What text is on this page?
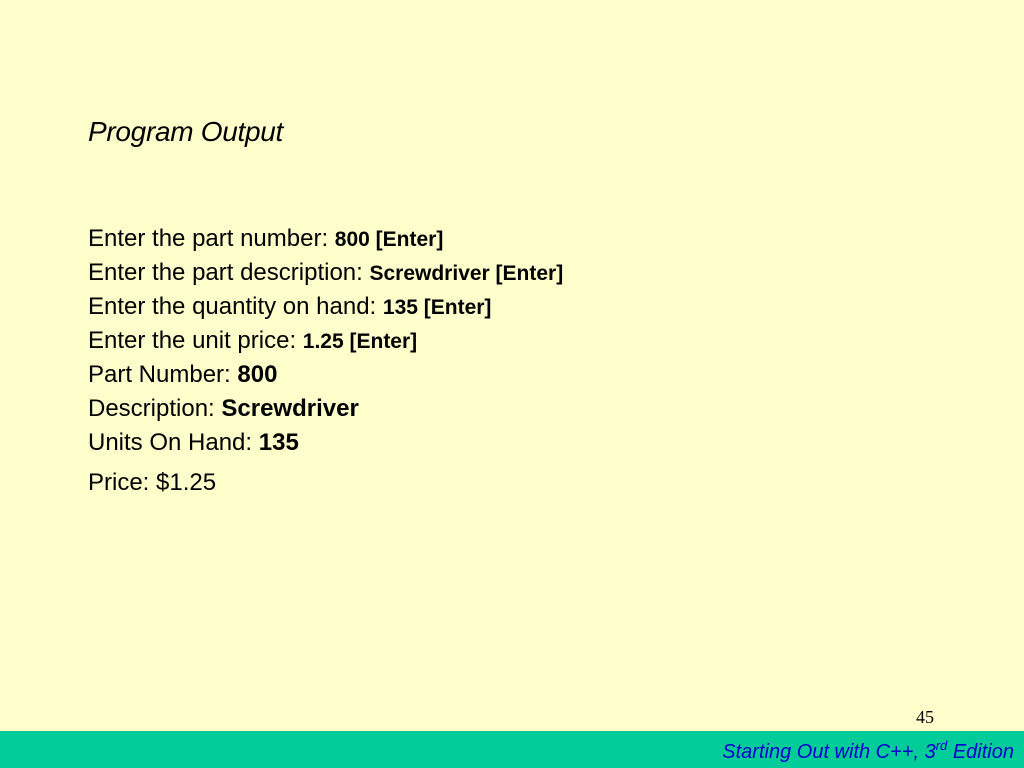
Program Output
Enter the part number: 800 [Enter]
Enter the part description: Screwdriver [Enter]
Enter the quantity on hand: 135 [Enter]
Enter the unit price: 1.25 [Enter]
Part Number: 800
Description: Screwdriver
Units On Hand: 135
Price: $1.25
45
Starting Out with C++, 3rd Edition
